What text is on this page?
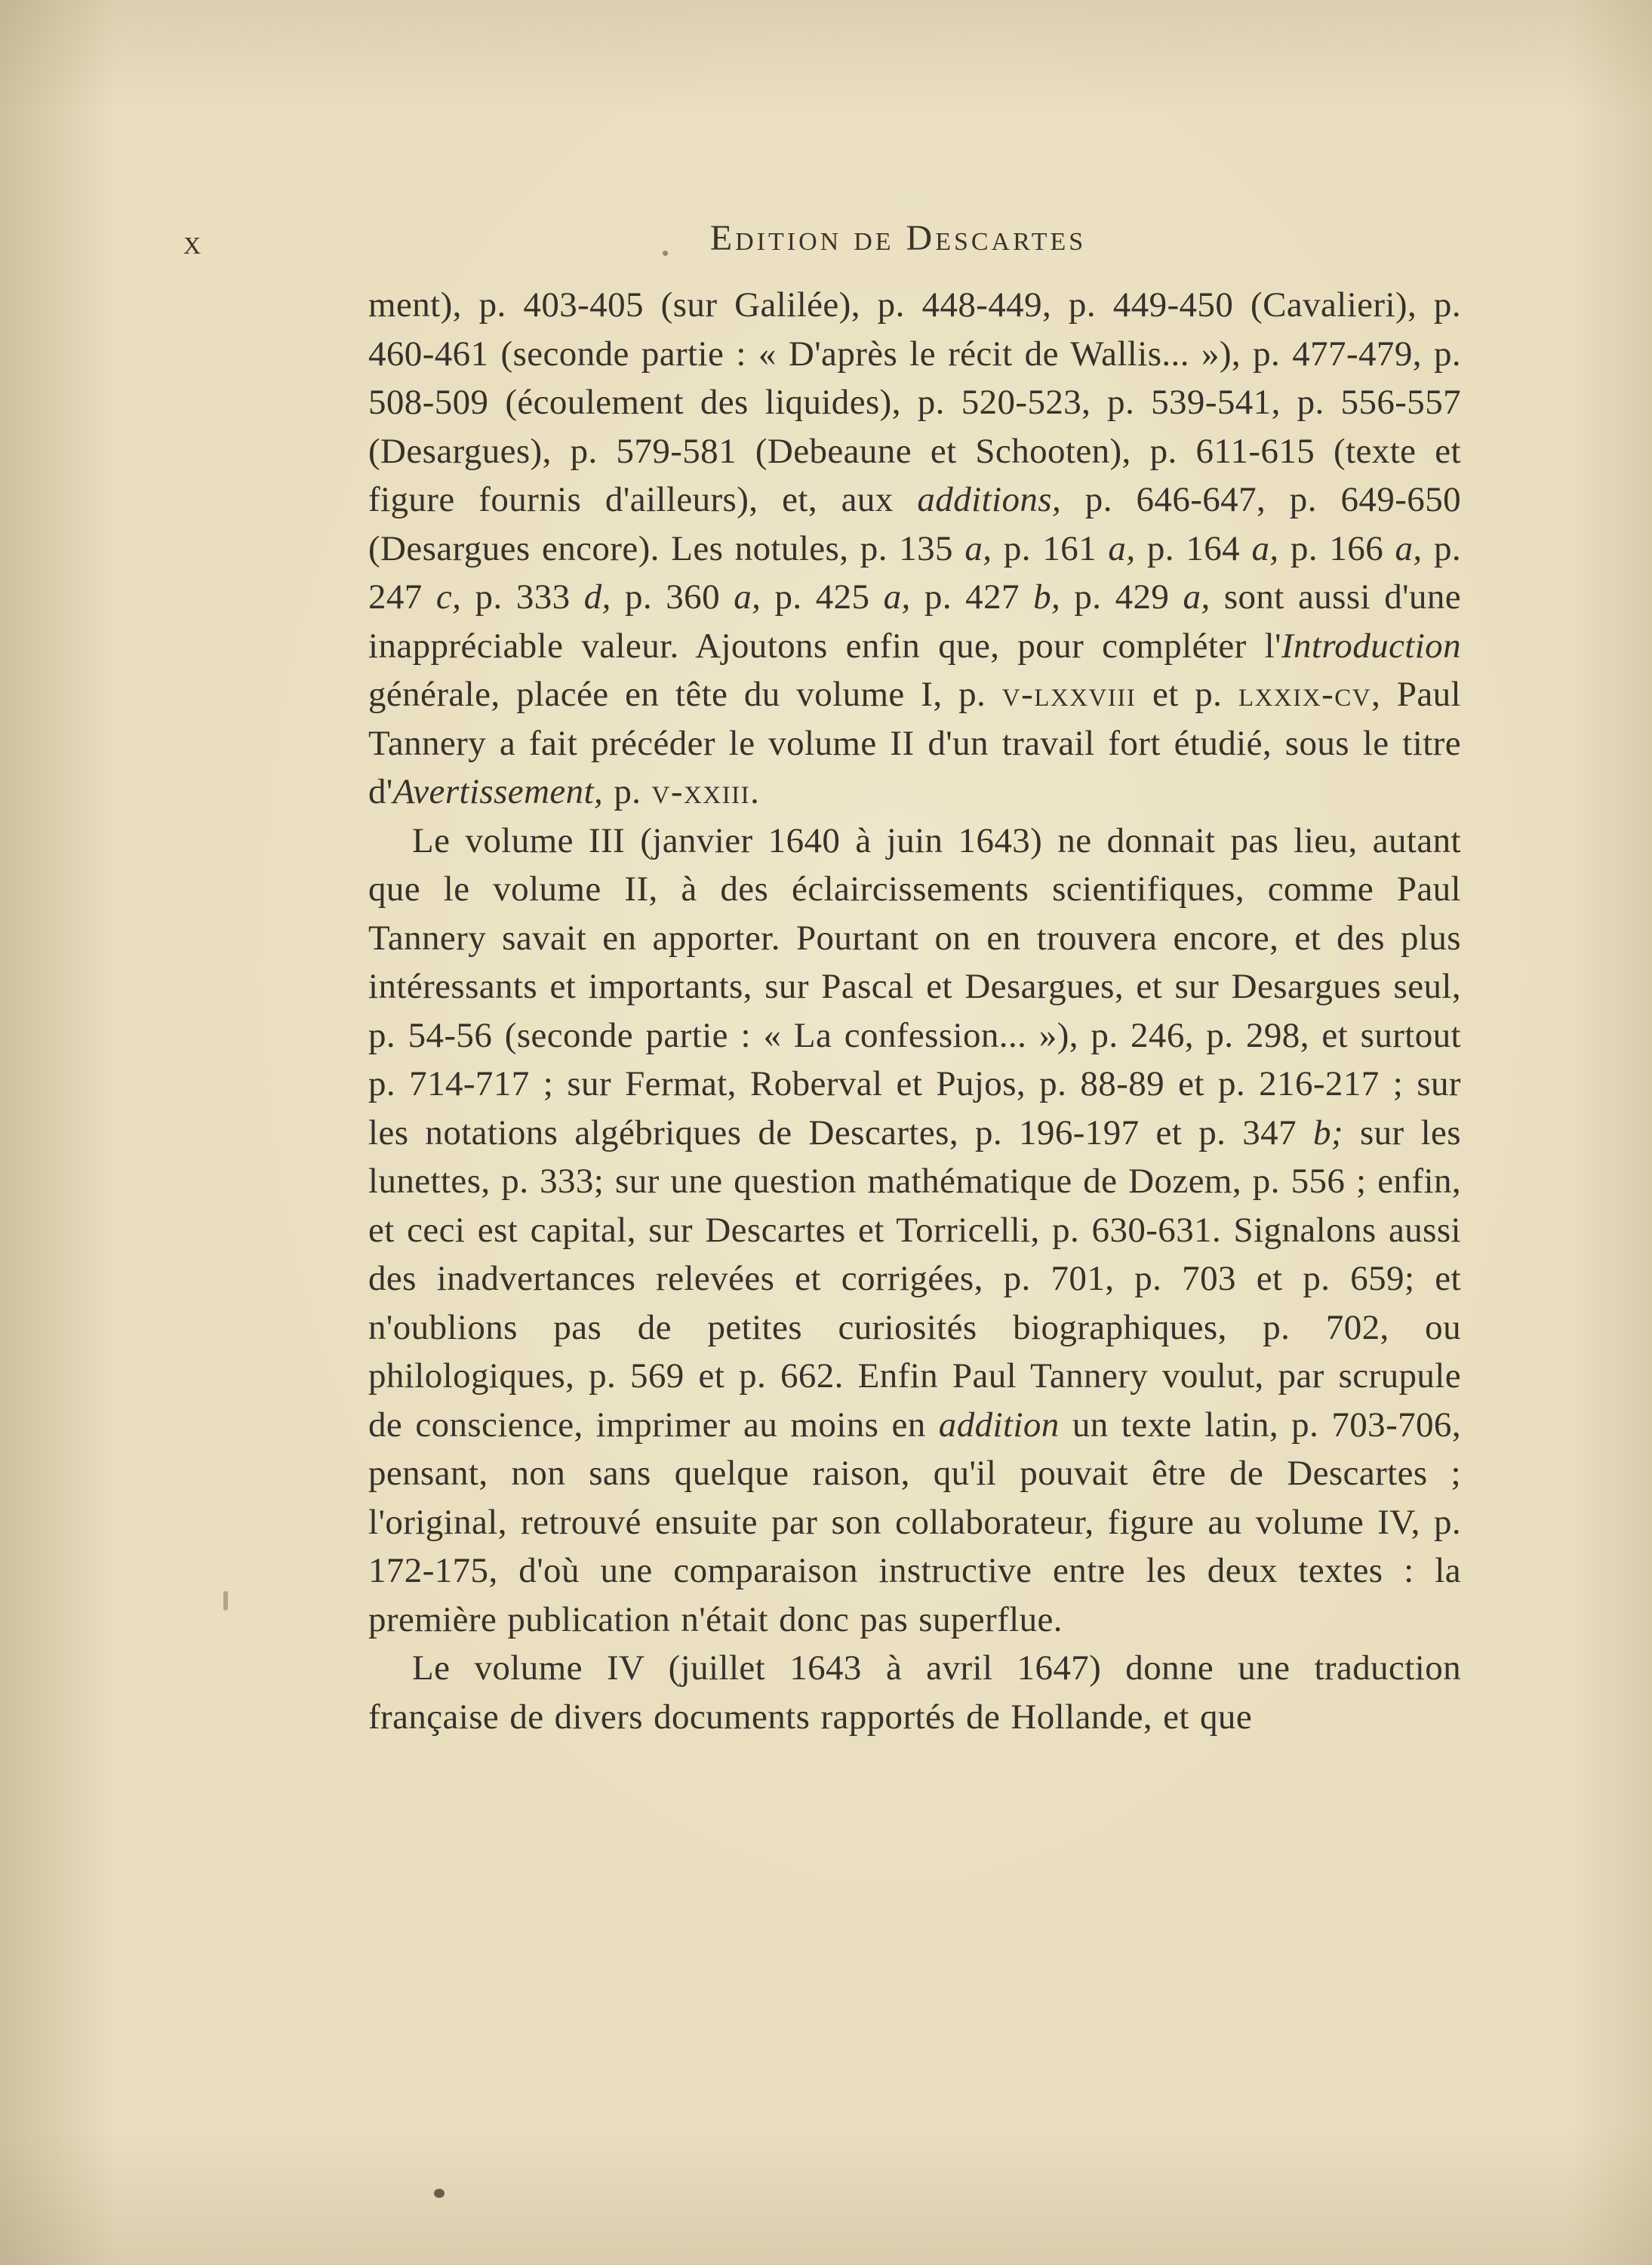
x	Edition de Descartes

ment), p. 403-405 (sur Galilée), p. 448-449, p. 449-450 (Cavalieri), p. 460-461 (seconde partie : « D'après le récit de Wallis... »), p. 477-479, p. 508-509 (écoulement des liquides), p. 520-523, p. 539-541, p. 556-557 (Desargues), p. 579-581 (Debeaune et Schooten), p. 611-615 (texte et figure fournis d'ailleurs), et, aux additions, p. 646-647, p. 649-650 (Desargues encore). Les notules, p. 135 a, p. 161 a, p. 164 a, p. 166 a, p. 247 c, p. 333 d, p. 360 a, p. 425 a, p. 427 b, p. 429 a, sont aussi d'une inappréciable valeur. Ajoutons enfin que, pour compléter l'Introduction générale, placée en tête du volume I, p. v-lxxviii et p. lxxix-cv, Paul Tannery a fait précéder le volume II d'un travail fort étudié, sous le titre d'Avertissement, p. v-xxiii.

Le volume III (janvier 1640 à juin 1643) ne donnait pas lieu, autant que le volume II, à des éclaircissements scientifiques, comme Paul Tannery savait en apporter. Pourtant on en trouvera encore, et des plus intéressants et importants, sur Pascal et Desargues, et sur Desargues seul, p. 54-56 (seconde partie : « La confession... »), p. 246, p. 298, et surtout p. 714-717 ; sur Fermat, Roberval et Pujos, p. 88-89 et p. 216-217 ; sur les notations algébriques de Descartes, p. 196-197 et p. 347 b; sur les lunettes, p. 333; sur une question mathématique de Dozem, p. 556 ; enfin, et ceci est capital, sur Descartes et Torricelli, p. 630-631. Signalons aussi des inadvertances relevées et corrigées, p. 701, p. 703 et p. 659; et n'oublions pas de petites curiosités biographiques, p. 702, ou philologiques, p. 569 et p. 662. Enfin Paul Tannery voulut, par scrupule de conscience, imprimer au moins en addition un texte latin, p. 703-706, pensant, non sans quelque raison, qu'il pouvait être de Descartes ; l'original, retrouvé ensuite par son collaborateur, figure au volume IV, p. 172-175, d'où une comparaison instructive entre les deux textes : la première publication n'était donc pas superflue.

Le volume IV (juillet 1643 à avril 1647) donne une traduction française de divers documents rapportés de Hollande, et que
